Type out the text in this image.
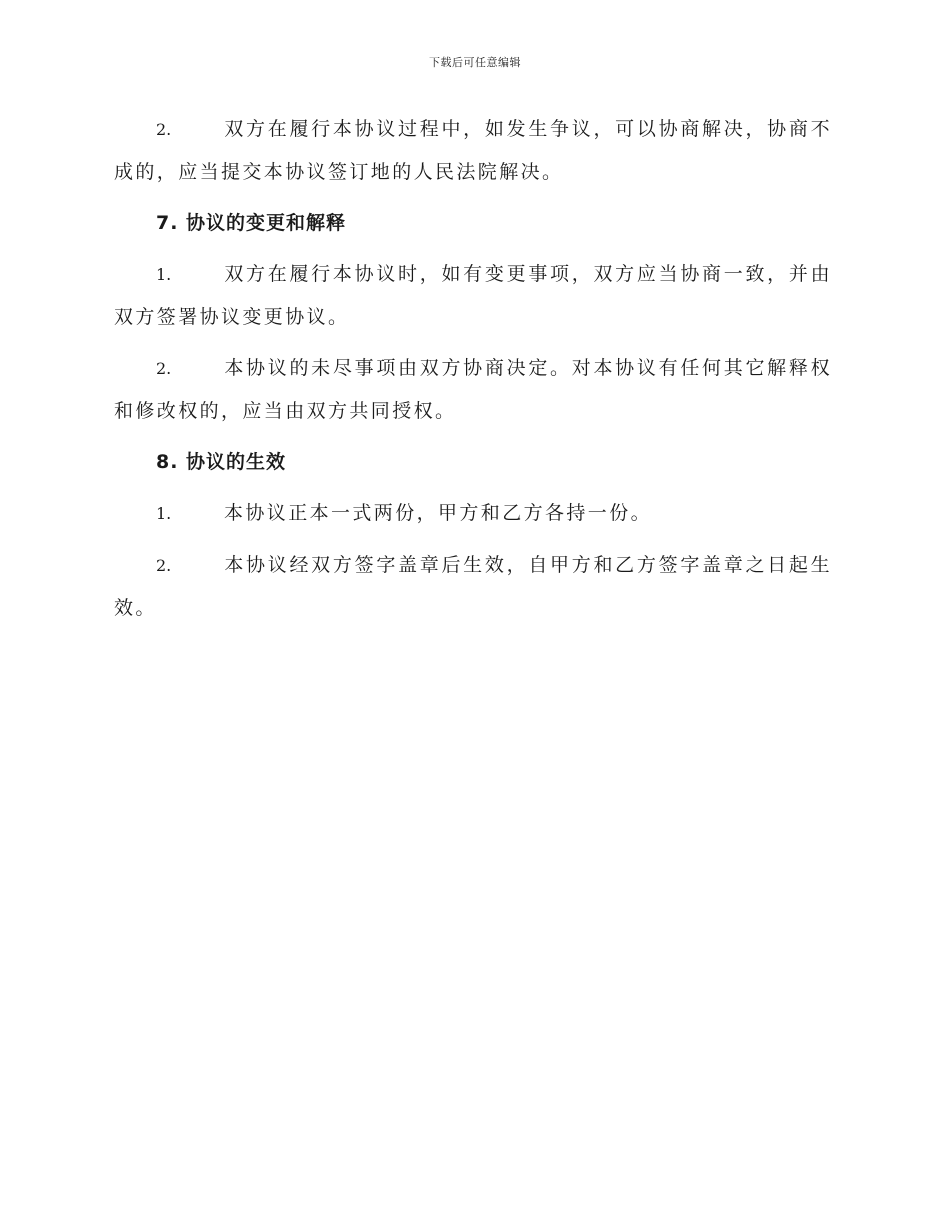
下载后可任意编辑

2.	双方在履行本协议过程中，如发生争议，可以协商解决，协商不成的，应当提交本协议签订地的人民法院解决。

7. 协议的变更和解释

1.	双方在履行本协议时，如有变更事项，双方应当协商一致，并由双方签署协议变更协议。

2.	本协议的未尽事项由双方协商决定。对本协议有任何其它解释权和修改权的，应当由双方共同授权。

8. 协议的生效

1.	本协议正本一式两份，甲方和乙方各持一份。

2.	本协议经双方签字盖章后生效，自甲方和乙方签字盖章之日起生效。
